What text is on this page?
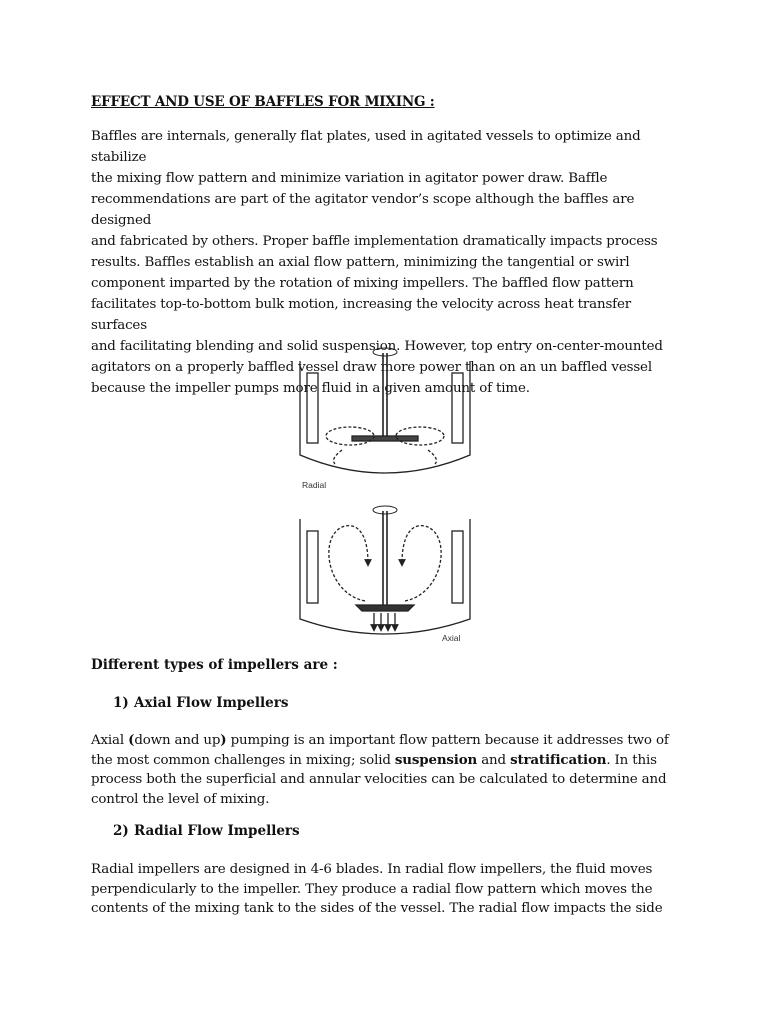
EFFECT AND USE OF BAFFLES FOR MIXING :
Baffles are internals, generally flat plates, used in agitated vessels to optimize and stabilize
the mixing flow pattern and minimize variation in agitator power draw. Baffle
recommendations are part of the agitator vendor’s scope although the baffles are designed
and fabricated by others. Proper baffle implementation dramatically impacts process
results. Baffles establish an axial flow pattern, minimizing the tangential or swirl
component imparted by the rotation of mixing impellers. The baffled flow pattern
facilitates top-to-bottom bulk motion, increasing the velocity across heat transfer surfaces
and facilitating blending and solid suspension. However, top entry on-center-mounted
agitators on a properly baffled vessel draw more power than on an un baffled vessel
because the impeller pumps more fluid in a given amount of time.
Radial
Axial
Different types of impellers are :
1) Axial Flow Impellers
Axial (down and up) pumping is an important flow pattern because it addresses two of the most common challenges in mixing; solid suspension and stratification. In this process both the superficial and annular velocities can be calculated to determine and control the level of mixing.
2) Radial Flow Impellers
Radial impellers are designed in 4-6 blades. In radial flow impellers, the fluid moves perpendicularly to the impeller. They produce a radial flow pattern which moves the contents of the mixing tank to the sides of the vessel. The radial flow impacts the side
